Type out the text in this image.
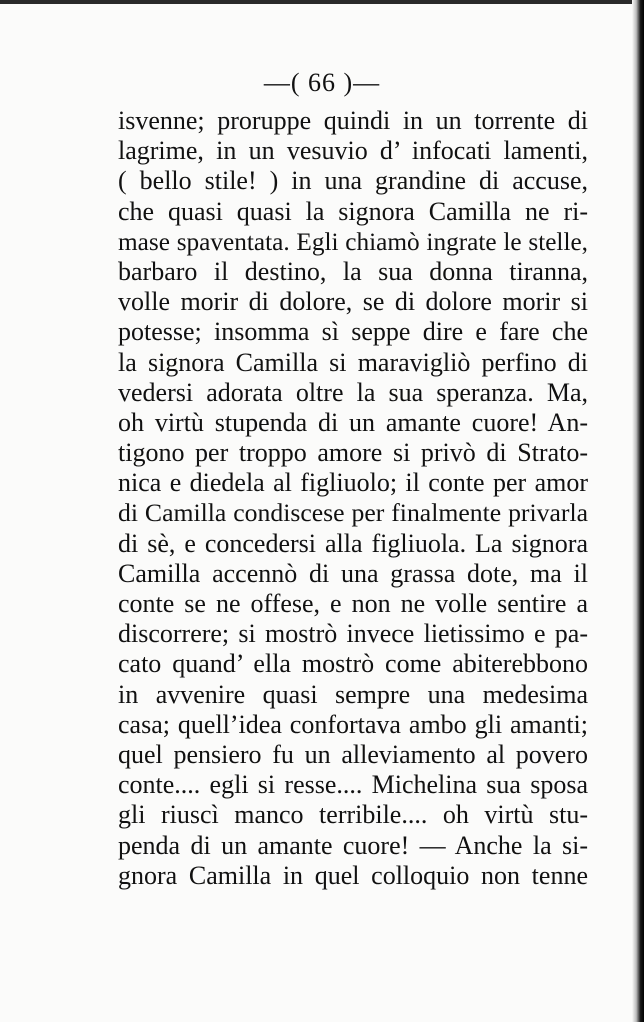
—( 66 )—
isvenne; proruppe quindi in un torrente di
lagrime, in un vesuvio d’ infocati lamenti,
( bello stile! ) in una grandine di accuse,
che quasi quasi la signora Camilla ne ri-
mase spaventata. Egli chiamò ingrate le stelle,
barbaro il destino, la sua donna tiranna,
volle morir di dolore, se di dolore morir si
potesse; insomma sì seppe dire e fare che
la signora Camilla si maravigliò perfino di
vedersi adorata oltre la sua speranza. Ma,
oh virtù stupenda di un amante cuore! An-
tigono per troppo amore si privò di Strato-
nica e diedela al figliuolo; il conte per amor
di Camilla condiscese per finalmente privarla
di sè, e concedersi alla figliuola. La signora
Camilla accennò di una grassa dote, ma il
conte se ne offese, e non ne volle sentire a
discorrere; si mostrò invece lietissimo e pa-
cato quand’ ella mostrò come abiterebbono
in avvenire quasi sempre una medesima
casa; quell’idea confortava ambo gli amanti;
quel pensiero fu un alleviamento al povero
conte.... egli si resse.... Michelina sua sposa
gli riuscì manco terribile.... oh virtù stu-
penda di un amante cuore! — Anche la si-
gnora Camilla in quel colloquio non tenne
